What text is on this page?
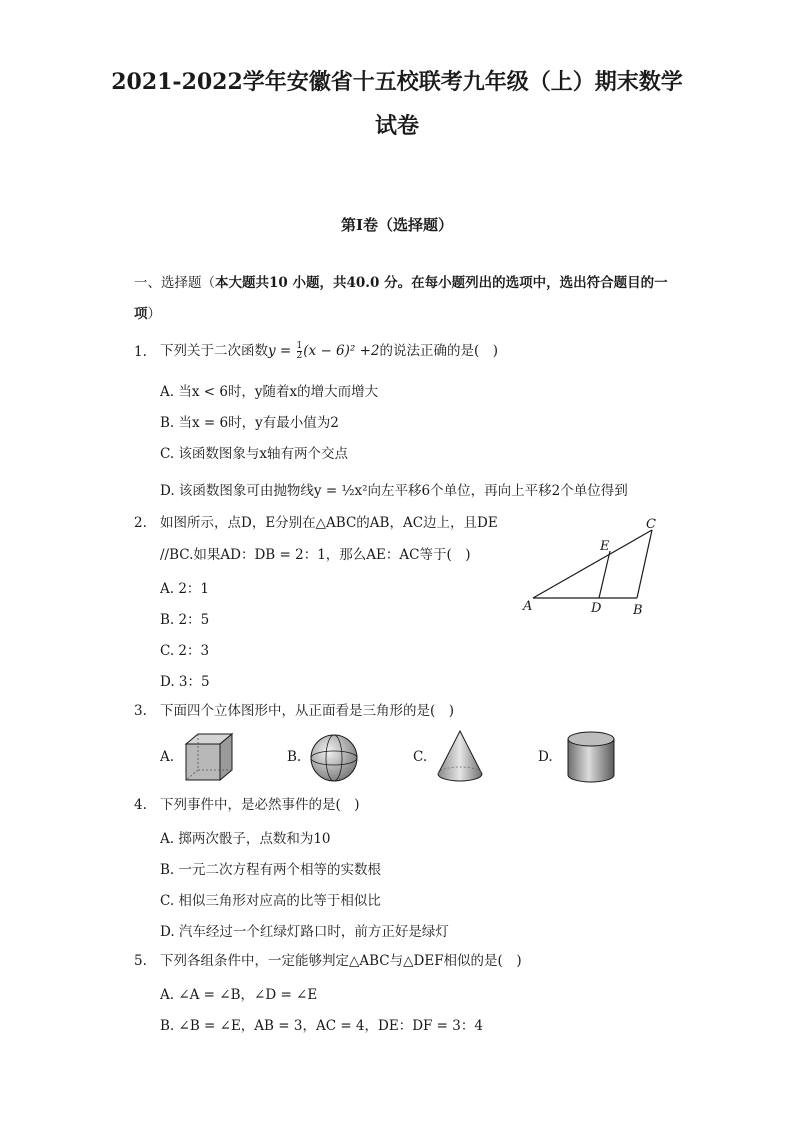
2021-2022学年安徽省十五校联考九年级（上）期末数学
试卷
第Ⅰ卷（选择题）
一、选择题（本大题共10 小题，共40.0 分。在每小题列出的选项中，选出符合题目的一项）
1. 下列关于二次函数$y = \frac{1}{2} (x - 6)^2 +2$的说法正确的是(　)
A. 当x < 6时，y随着x的增大而增大
B. 当x = 6时，y有最小值为2
C. 该函数图象与x轴有两个交点
D. 该函数图象可由抛物线y = ½x²向左平移6个单位，再向上平移2个单位得到
2. 如图所示，点D，E分别在△ABC的AB，AC边上，且DE
//BC.如果AD：DB = 2：1，那么AE：AC等于(　)
A. 2：1
B. 2：5
C. 2：3
D. 3：5
A	D B
E
C
3. 下面四个立体图形中，从正面看是三角形的是(　)
A.	B.	C.	D.
4. 下列事件中，是必然事件的是(　)
A. 掷两次骰子，点数和为10
B. 一元二次方程有两个相等的实数根
C. 相似三角形对应高的比等于相似比
D. 汽车经过一个红绿灯路口时，前方正好是绿灯
5. 下列各组条件中，一定能够判定△ABC与△DEF相似的是(　)
A. ∠A = ∠B，∠D = ∠E
B. ∠B = ∠E，AB = 3，AC = 4，DE：DF = 3：4
